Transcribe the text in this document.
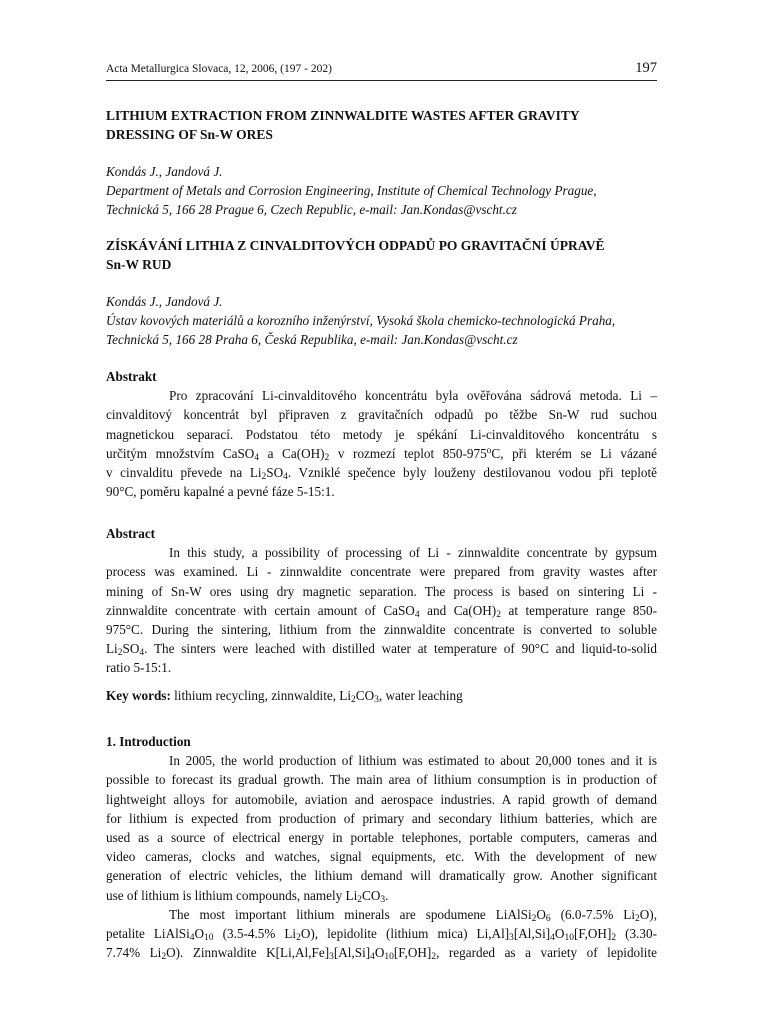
Acta Metallurgica Slovaca, 12, 2006, (197 - 202)	197
LITHIUM EXTRACTION FROM ZINNWALDITE WASTES AFTER GRAVITY
DRESSING OF Sn-W ORES
Kondás J., Jandová J.
Department of Metals and Corrosion Engineering, Institute of Chemical Technology Prague,
Technická 5, 166 28 Prague 6, Czech Republic, e-mail: Jan.Kondas@vscht.cz
ZÍSKÁVÁNÍ LITHIA Z CINVALDITOVÝCH ODPADŮ PO GRAVITAČNÍ ÚPRAVĚ
Sn-W RUD
Kondás J., Jandová J.
Ústav kovových materiálů a korozního inženýrství, Vysoká škola chemicko-technologická Praha,
Technická 5, 166 28 Praha 6, Česká Republika, e-mail: Jan.Kondas@vscht.cz
Abstrakt
Pro zpracování Li-cinvalditového koncentrátu byla ověřována sádrová metoda. Li –
cinvalditový koncentrát byl připraven z gravitačních odpadů po těžbe Sn-W rud suchou
magnetickou separací. Podstatou této metody je spékání Li-cinvalditového koncentrátu s
určitým množstvím CaSO$_4$ a $Ca(OH)_2$ v rozmezí teplot 850-975$^o$C, při kterém se Li vázané
v cinvalditu převede na $Li_2SO_4$. Vzniklé spečence byly louženy destilovanou vodou při teplotě
90°C, poměru kapalné a pevné fáze 5-15:1.
Abstract
In this study, a possibility of processing of Li - zinnwaldite concentrate by gypsum
process was examined. Li - zinnwaldite concentrate were prepared from gravity wastes after
mining of Sn-W ores using dry magnetic separation. The process is based on sintering Li -
zinnwaldite concentrate with certain amount of CaSO$_4$ and $Ca(OH)_2$ at temperature range 850-
975°C. During the sintering, lithium from the zinnwaldite concentrate is converted to soluble
$Li_2SO_4$. The sinters were leached with distilled water at temperature of 90°C and liquid-to-solid
ratio 5-15:1.
Key words: lithium recycling, zinnwaldite, $Li_2CO_3$, water leaching
1. Introduction
In 2005, the world production of lithium was estimated to about 20,000 tones and it is
possible to forecast its gradual growth. The main area of lithium consumption is in production of
lightweight alloys for automobile, aviation and aerospace industries. A rapid growth of demand
for lithium is expected from production of primary and secondary lithium batteries, which are
used as a source of electrical energy in portable telephones, portable computers, cameras and
video cameras, clocks and watches, signal equipments, etc. With the development of new
generation of electric vehicles, the lithium demand will dramatically grow. Another significant
use of lithium is lithium compounds, namely $Li_2CO_3$.
The most important lithium minerals are spodumene $LiAlSi_2O_6$ (6.0-7.5% $Li_2O$),
petalite $LiAlSi_4O_{10}$ (3.5-4.5% $Li_2O$), lepidolite (lithium mica) $Li,Al]_3[Al,Si]_4O_{10}[F,OH]_2$ (3.30-
7.74% $Li_2O$). Zinnwaldite $K[Li,Al,Fe]_3[Al,Si]_4O_{10}[F,OH]_2$, regarded as a variety of lepidolite
